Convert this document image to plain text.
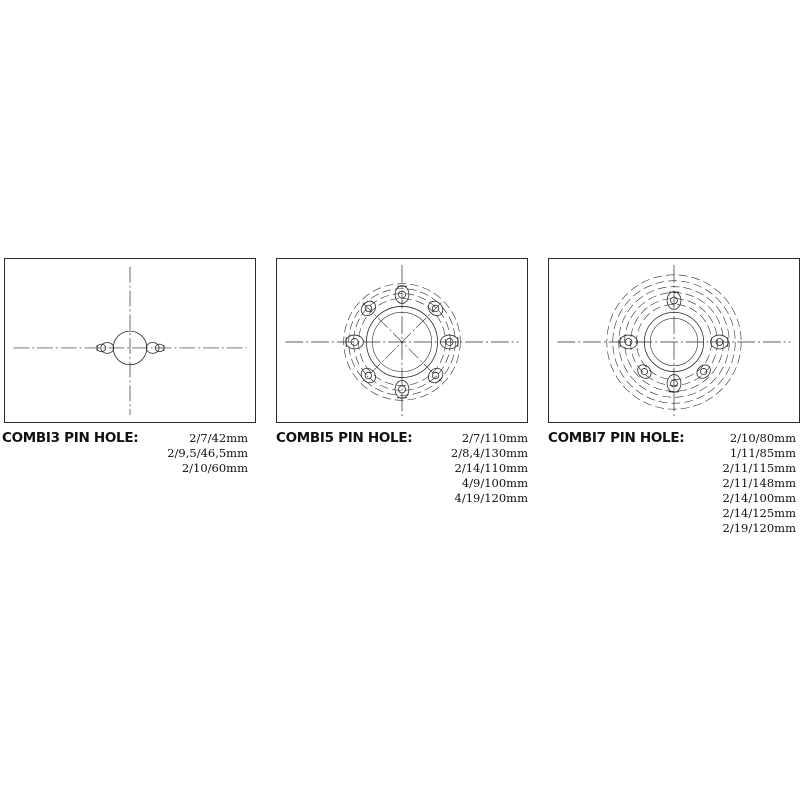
COMBI3 PIN HOLE:	2/7/42mm
2/9,5/46,5mm
2/10/60mm
COMBI5 PIN HOLE:	2/7/110mm
2/8,4/130mm
2/14/110mm
4/9/100mm
4/19/120mm
COMBI7 PIN HOLE:	2/10/80mm
1/11/85mm
2/11/115mm
2/11/148mm
2/14/100mm
2/14/125mm
2/19/120mm
